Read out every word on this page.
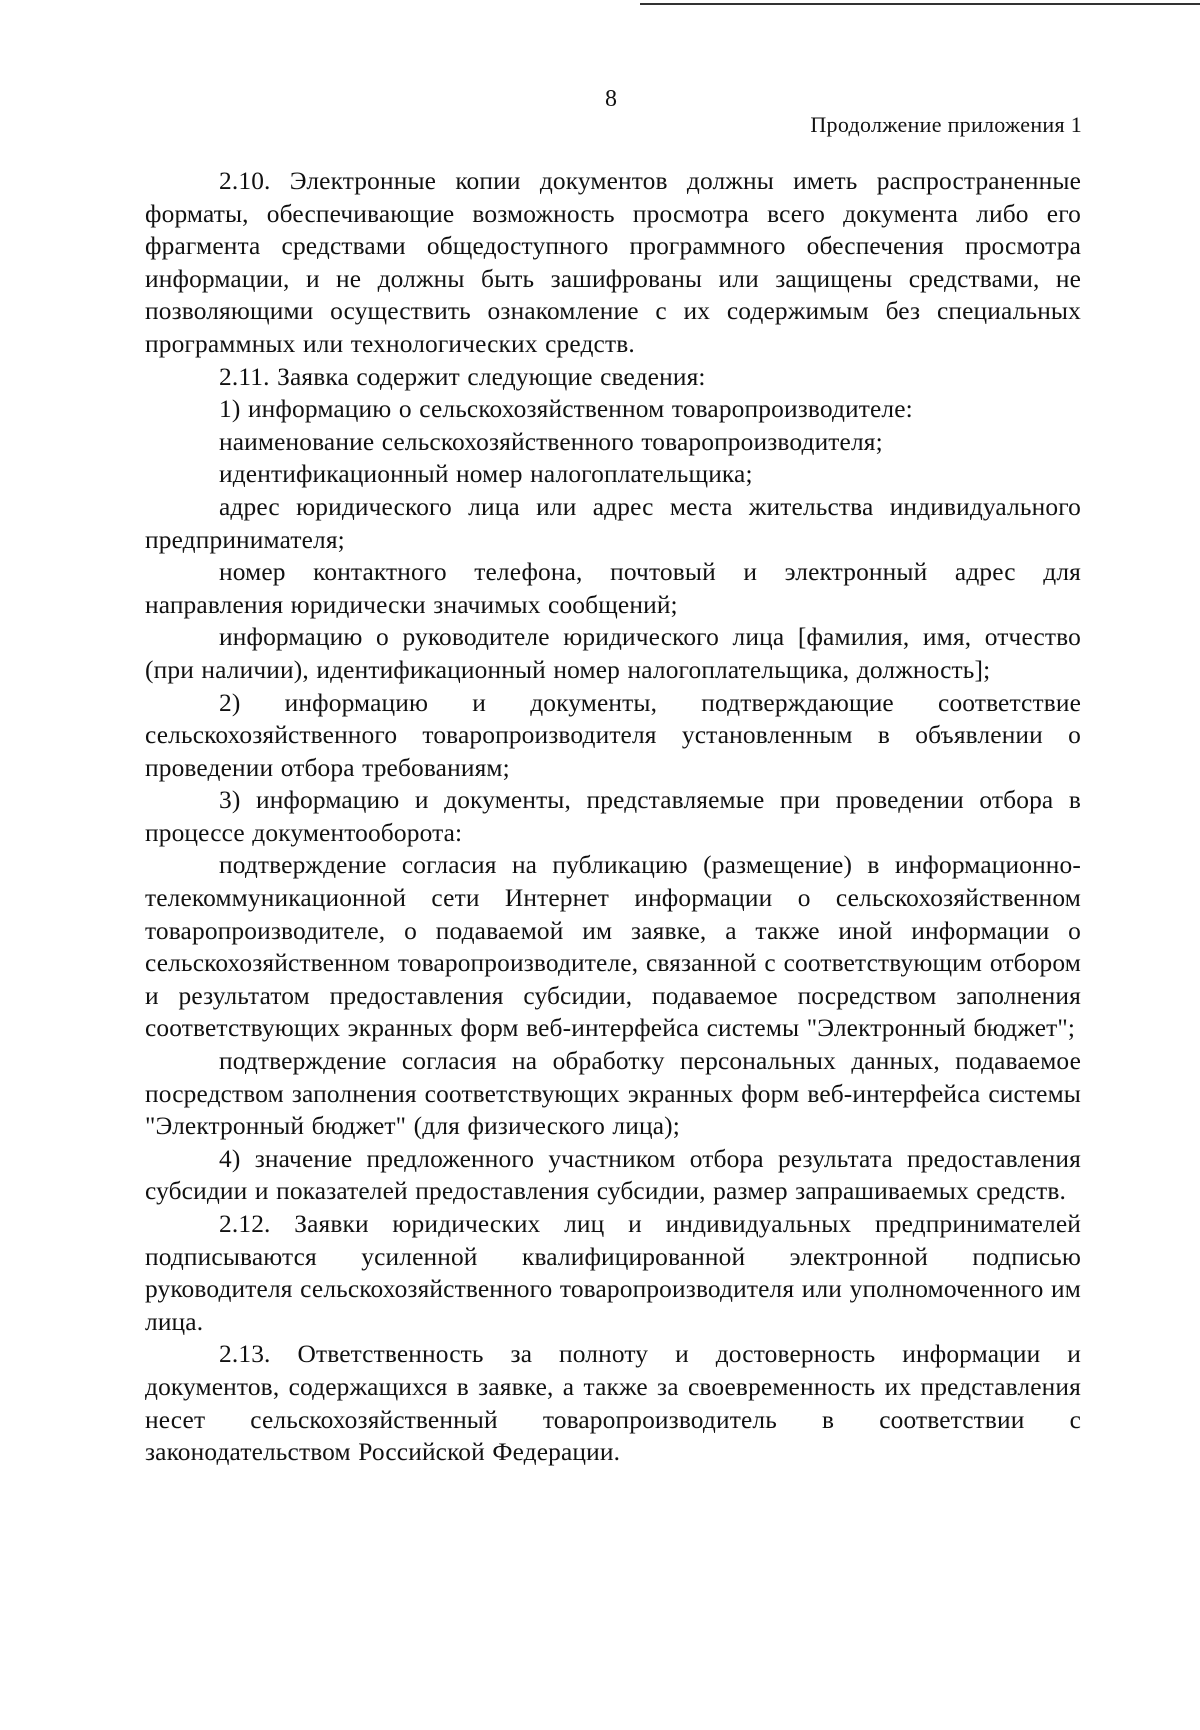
8
Продолжение приложения 1

2.10. Электронные копии документов должны иметь распространенные форматы, обеспечивающие возможность просмотра всего документа либо его фрагмента средствами общедоступного программного обеспечения просмотра информации, и не должны быть зашифрованы или защищены средствами, не позволяющими осуществить ознакомление с их содержимым без специальных программных или технологических средств.

2.11. Заявка содержит следующие сведения:

1) информацию о сельскохозяйственном товаропроизводителе:

наименование сельскохозяйственного товаропроизводителя;

идентификационный номер налогоплательщика;

адрес юридического лица или адрес места жительства индивидуального предпринимателя;

номер контактного телефона, почтовый и электронный адрес для направления юридически значимых сообщений;

информацию о руководителе юридического лица [фамилия, имя, отчество (при наличии), идентификационный номер налогоплательщика, должность];

2) информацию и документы, подтверждающие соответствие сельскохозяйственного товаропроизводителя установленным в объявлении о проведении отбора требованиям;

3) информацию и документы, представляемые при проведении отбора в процессе документооборота:

подтверждение согласия на публикацию (размещение) в информационно-телекоммуникационной сети Интернет информации о сельскохозяйственном товаропроизводителе, о подаваемой им заявке, а также иной информации о сельскохозяйственном товаропроизводителе, связанной с соответствующим отбором и результатом предоставления субсидии, подаваемое посредством заполнения соответствующих экранных форм веб-интерфейса системы "Электронный бюджет";

подтверждение согласия на обработку персональных данных, подаваемое посредством заполнения соответствующих экранных форм веб-интерфейса системы "Электронный бюджет" (для физического лица);

4) значение предложенного участником отбора результата предоставления субсидии и показателей предоставления субсидии, размер запрашиваемых средств.

2.12. Заявки юридических лиц и индивидуальных предпринимателей подписываются усиленной квалифицированной электронной подписью руководителя сельскохозяйственного товаропроизводителя или уполномоченного им лица.

2.13. Ответственность за полноту и достоверность информации и документов, содержащихся в заявке, а также за своевременность их представления несет сельскохозяйственный товаропроизводитель в соответствии с законодательством Российской Федерации.
